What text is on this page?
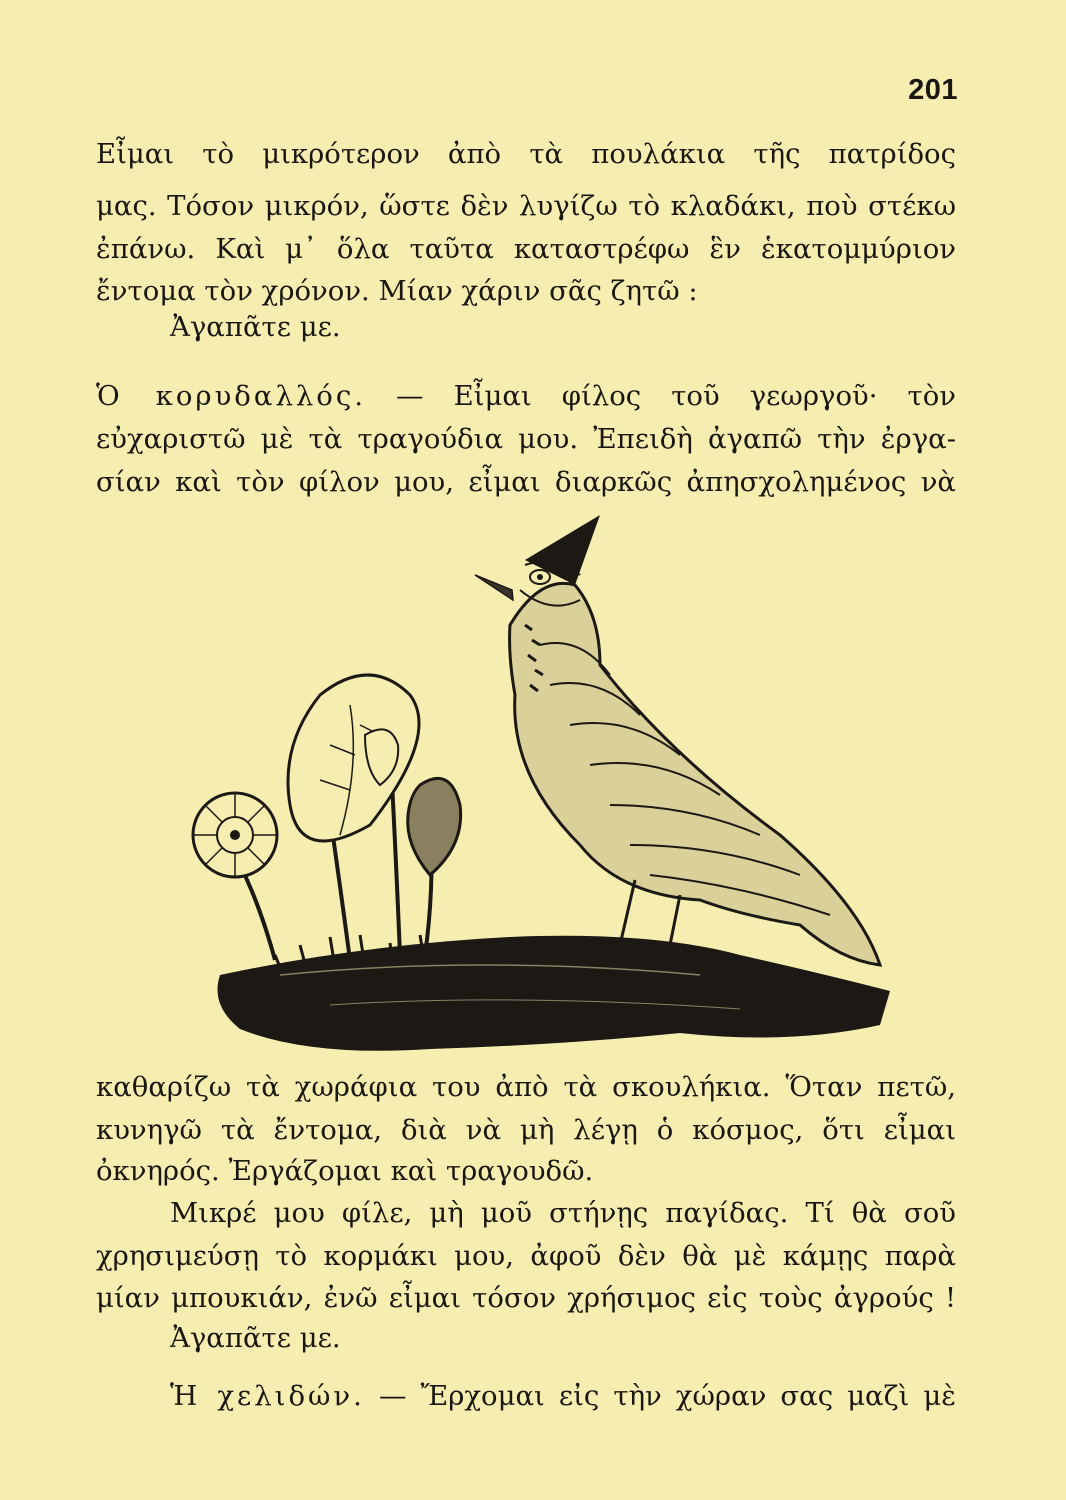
201
Εἶμαι τὸ μικρότερον ἀπὸ τὰ πουλάκια τῆς πατρίδος
μας. Τόσον μικρόν, ὥστε δὲν λυγίζω τὸ κλαδάκι, ποὺ στέκω
ἐπάνω. Καὶ μ᾿ ὅλα ταῦτα καταστρέφω ἓν ἑκατομμύριον
ἔντομα τὸν χρόνον. Μίαν χάριν σᾶς ζητῶ :
Ἀγαπᾶτε με.
Ὁ κορυδαλλός. — Εἶμαι φίλος τοῦ γεωργοῦ· τὸν
εὐχαριστῶ μὲ τὰ τραγούδια μου. Ἐπειδὴ ἀγαπῶ τὴν ἐργα-
σίαν καὶ τὸν φίλον μου, εἶμαι διαρκῶς ἀπησχολημένος νὰ
καθαρίζω τὰ χωράφια του ἀπὸ τὰ σκουλήκια. Ὅταν πετῶ,
κυνηγῶ τὰ ἔντομα, διὰ νὰ μὴ λέγῃ ὁ κόσμος, ὅτι εἶμαι
ὀκνηρός. Ἐργάζομαι καὶ τραγουδῶ.
Μικρέ μου φίλε, μὴ μοῦ στήνῃς παγίδας. Τί θὰ σοῦ
χρησιμεύσῃ τὸ κορμάκι μου, ἀφοῦ δὲν θὰ μὲ κάμῃς παρὰ
μίαν μπουκιάν, ἐνῶ εἶμαι τόσον χρήσιμος εἰς τοὺς ἀγρούς !
Ἀγαπᾶτε με.
Ἡ χελιδών. — Ἔρχομαι εἰς τὴν χώραν σας μαζὶ μὲ
